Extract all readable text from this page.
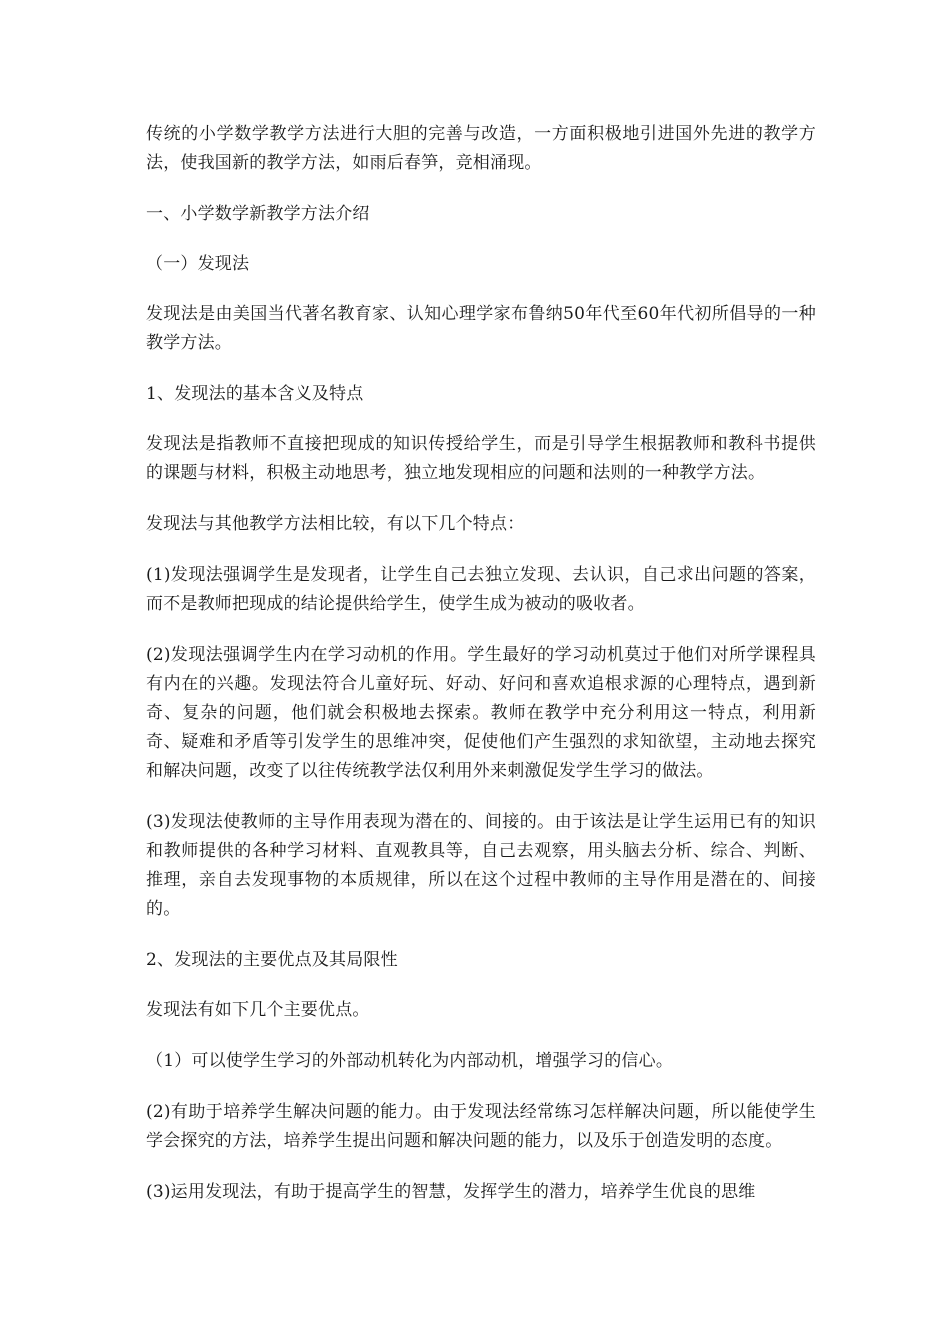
传统的小学数学教学方法进行大胆的完善与改造，一方面积极地引进国外先进的教学方法，使我国新的教学方法，如雨后春笋，竞相涌现。

一、小学数学新教学方法介绍

（一）发现法

发现法是由美国当代著名教育家、认知心理学家布鲁纳50年代至60年代初所倡导的一种教学方法。

1、发现法的基本含义及特点

发现法是指教师不直接把现成的知识传授给学生，而是引导学生根据教师和教科书提供的课题与材料，积极主动地思考，独立地发现相应的问题和法则的一种教学方法。

发现法与其他教学方法相比较，有以下几个特点：

(1)发现法强调学生是发现者，让学生自己去独立发现、去认识，自己求出问题的答案，而不是教师把现成的结论提供给学生，使学生成为被动的吸收者。

(2)发现法强调学生内在学习动机的作用。学生最好的学习动机莫过于他们对所学课程具有内在的兴趣。发现法符合儿童好玩、好动、好问和喜欢追根求源的心理特点，遇到新奇、复杂的问题，他们就会积极地去探索。教师在教学中充分利用这一特点，利用新奇、疑难和矛盾等引发学生的思维冲突，促使他们产生强烈的求知欲望，主动地去探究和解决问题，改变了以往传统教学法仅利用外来刺激促发学生学习的做法。

(3)发现法使教师的主导作用表现为潜在的、间接的。由于该法是让学生运用已有的知识和教师提供的各种学习材料、直观教具等，自己去观察，用头脑去分析、综合、判断、推理，亲自去发现事物的本质规律，所以在这个过程中教师的主导作用是潜在的、间接的。

2、发现法的主要优点及其局限性

发现法有如下几个主要优点。

（1）可以使学生学习的外部动机转化为内部动机，增强学习的信心。

(2)有助于培养学生解决问题的能力。由于发现法经常练习怎样解决问题，所以能使学生学会探究的方法，培养学生提出问题和解决问题的能力，以及乐于创造发明的态度。

(3)运用发现法，有助于提高学生的智慧，发挥学生的潜力，培养学生优良的思维
